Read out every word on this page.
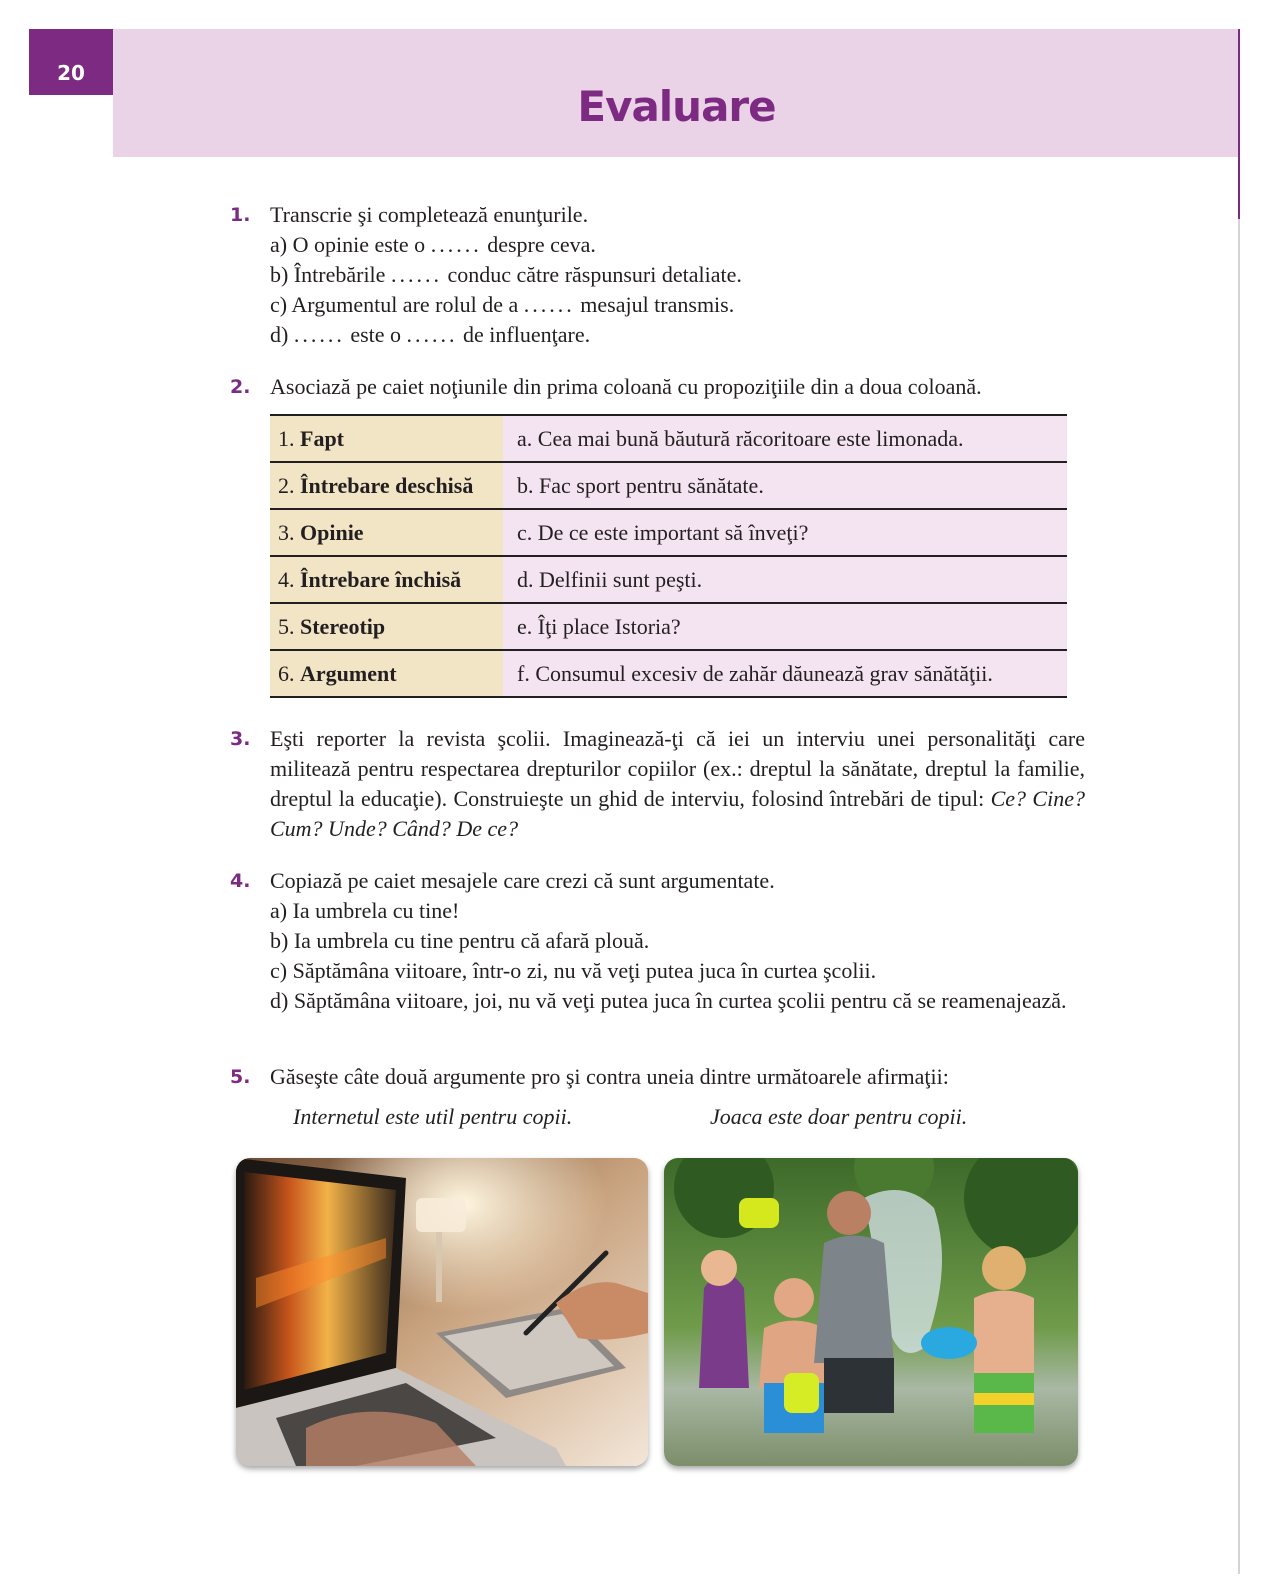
20
Evaluare
1. Transcrie şi completează enunţurile.
a) O opinie este o ...... despre ceva.
b) Întrebările ...... conduc către răspunsuri detaliate.
c) Argumentul are rolul de a ...... mesajul transmis.
d) ...... este o ...... de influenţare.
2. Asociază pe caiet noţiunile din prima coloană cu propoziţiile din a doua coloană.
1. Fapt	a. Cea mai bună băutură răcoritoare este limonada.
2. Întrebare deschisă	b. Fac sport pentru sănătate.
3. Opinie	c. De ce este important să înveţi?
4. Întrebare închisă	d. Delfinii sunt peşti.
5. Stereotip	e. Îţi place Istoria?
6. Argument	f. Consumul excesiv de zahăr dăunează grav sănătăţii.
3. Eşti reporter la revista şcolii. Imaginează-ţi că iei un interviu unei personalităţi care militează pentru respectarea drepturilor copiilor (ex.: dreptul la sănătate, dreptul la familie, dreptul la educaţie). Construieşte un ghid de interviu, folosind întrebări de tipul: Ce? Cine? Cum? Unde? Când? De ce?
4. Copiază pe caiet mesajele care crezi că sunt argumentate.
a) Ia umbrela cu tine!
b) Ia umbrela cu tine pentru că afară plouă.
c) Săptămâna viitoare, într-o zi, nu vă veţi putea juca în curtea şcolii.
d) Săptămâna viitoare, joi, nu vă veţi putea juca în curtea şcolii pentru că se reamenajează.
5. Găseşte câte două argumente pro şi contra uneia dintre următoarele afirmaţii:
Internetul este util pentru copii.	Joaca este doar pentru copii.
